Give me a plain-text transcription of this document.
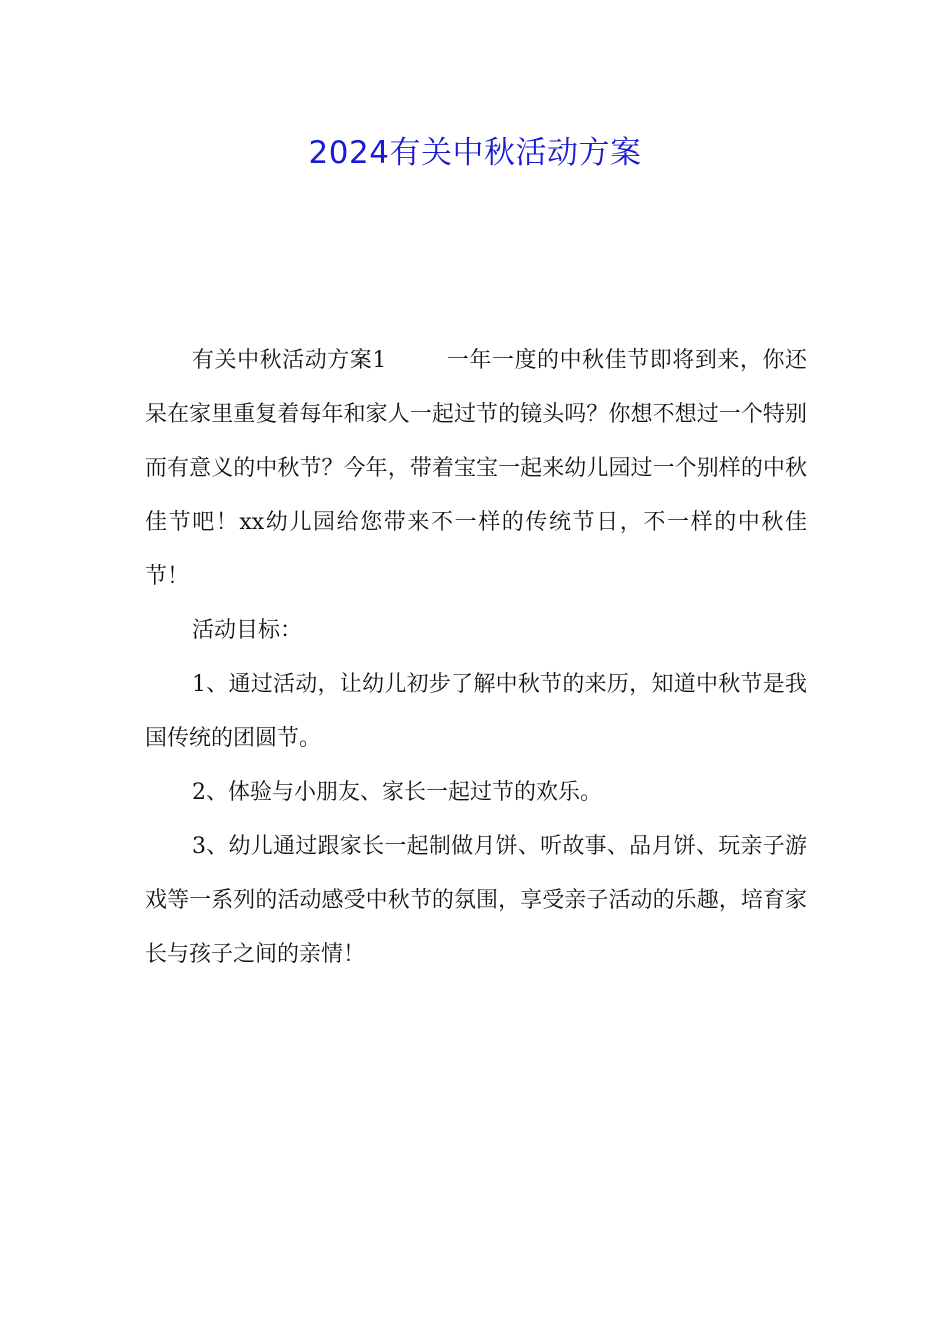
2024有关中秋活动方案

有关中秋活动方案1	一年一度的中秋佳节即将到来，你还呆在家里重复着每年和家人一起过节的镜头吗？你想不想过一个特别而有意义的中秋节？今年，带着宝宝一起来幼儿园过一个别样的中秋佳节吧！xx幼儿园给您带来不一样的传统节日，不一样的中秋佳节！

活动目标：

1、通过活动，让幼儿初步了解中秋节的来历，知道中秋节是我国传统的团圆节。

2、体验与小朋友、家长一起过节的欢乐。

3、幼儿通过跟家长一起制做月饼、听故事、品月饼、玩亲子游戏等一系列的活动感受中秋节的氛围，享受亲子活动的乐趣，培育家长与孩子之间的亲情！
